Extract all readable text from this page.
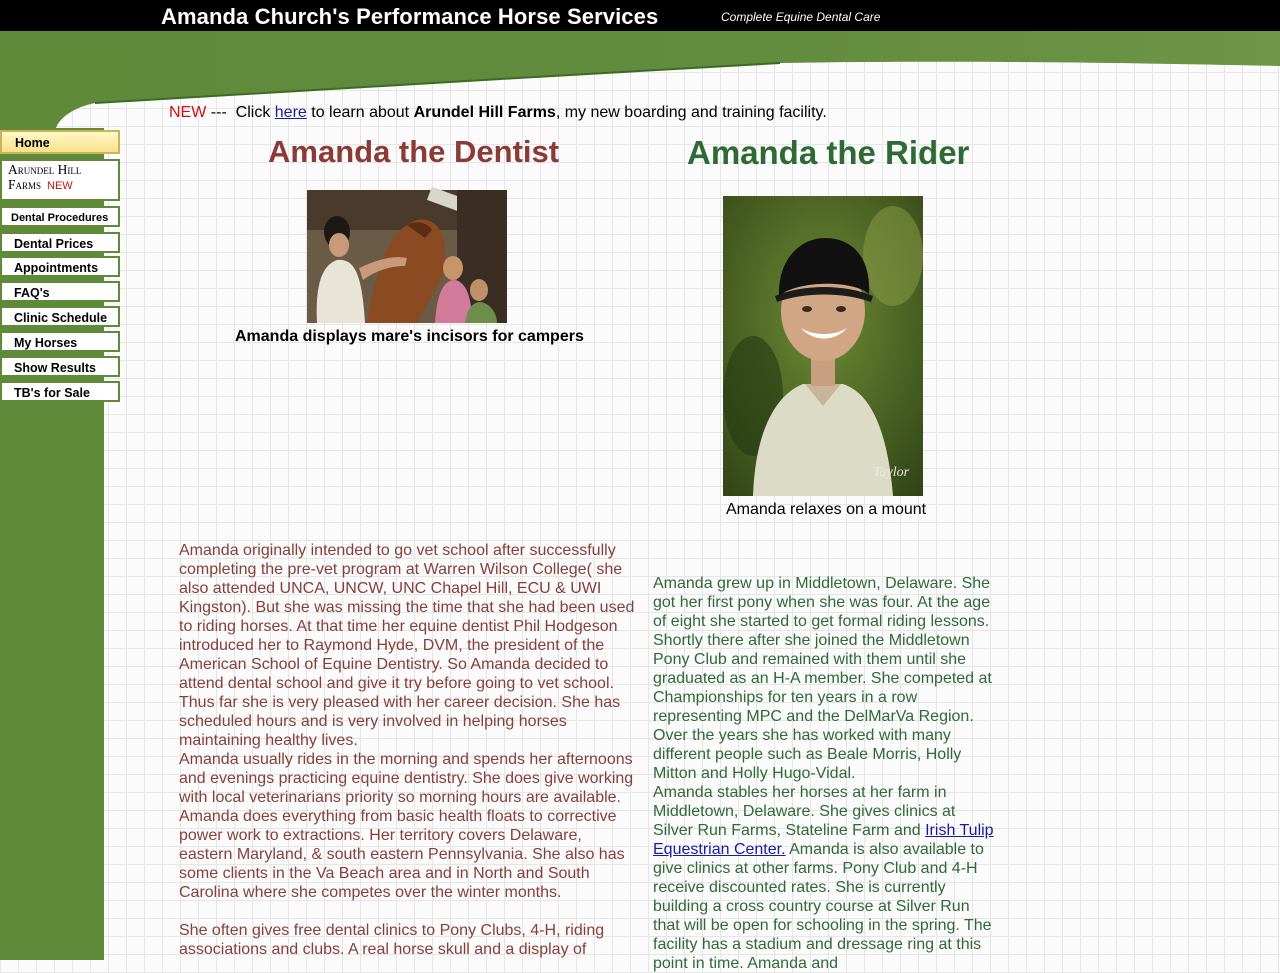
Amanda Church's Performance Horse Services	Complete Equine Dental Care
Home
Arundel Hill Farms NEW
Dental Procedures
Dental Prices
Appointments
FAQ's
Clinic Schedule
My Horses
Show Results
TB's for Sale
NEW --- Click here to learn about Arundel Hill Farms, my new boarding and training facility.
Amanda the Dentist	Amanda the Rider
Amanda displays mare's incisors for campers
Taylor
Amanda relaxes on a mount

Amanda originally intended to go vet school after successfully completing the pre-vet program at Warren Wilson College( she also attended UNCA, UNCW, UNC Chapel Hill, ECU & UWI Kingston). But she was missing the time that she had been used to riding horses. At that time her equine dentist Phil Hodgeson introduced her to Raymond Hyde, DVM, the president of the American School of Equine Dentistry. So Amanda decided to attend dental school and give it try before going to vet school. Thus far she is very pleased with her career decision. She has scheduled hours and is very involved in helping horses maintaining healthy lives.

Amanda usually rides in the morning and spends her afternoons and evenings practicing equine dentistry. She does give working with local veterinarians priority so morning hours are available. Amanda does everything from basic health floats to corrective power work to extractions. Her territory covers Delaware, eastern Maryland, & south eastern Pennsylvania. She also has some clients in the Va Beach area and in North and South Carolina where she competes over the winter months.

She often gives free dental clinics to Pony Clubs, 4-H, riding associations and clubs. A real horse skull and a display of

Amanda grew up in Middletown, Delaware. She got her first pony when she was four. At the age of eight she started to get formal riding lessons. Shortly there after she joined the Middletown Pony Club and remained with them until she graduated as an H-A member. She competed at Championships for ten years in a row representing MPC and the DelMarVa Region. Over the years she has worked with many different people such as Beale Morris, Holly Mitton and Holly Hugo-Vidal.

Amanda stables her horses at her farm in Middletown, Delaware. She gives clinics at Silver Run Farms, Stateline Farm and Irish Tulip Equestrian Center. Amanda is also available to give clinics at other farms. Pony Club and 4-H receive discounted rates. She is currently building a cross country course at Silver Run that will be open for schooling in the spring. The facility has a stadium and dressage ring at this point in time. Amanda and
